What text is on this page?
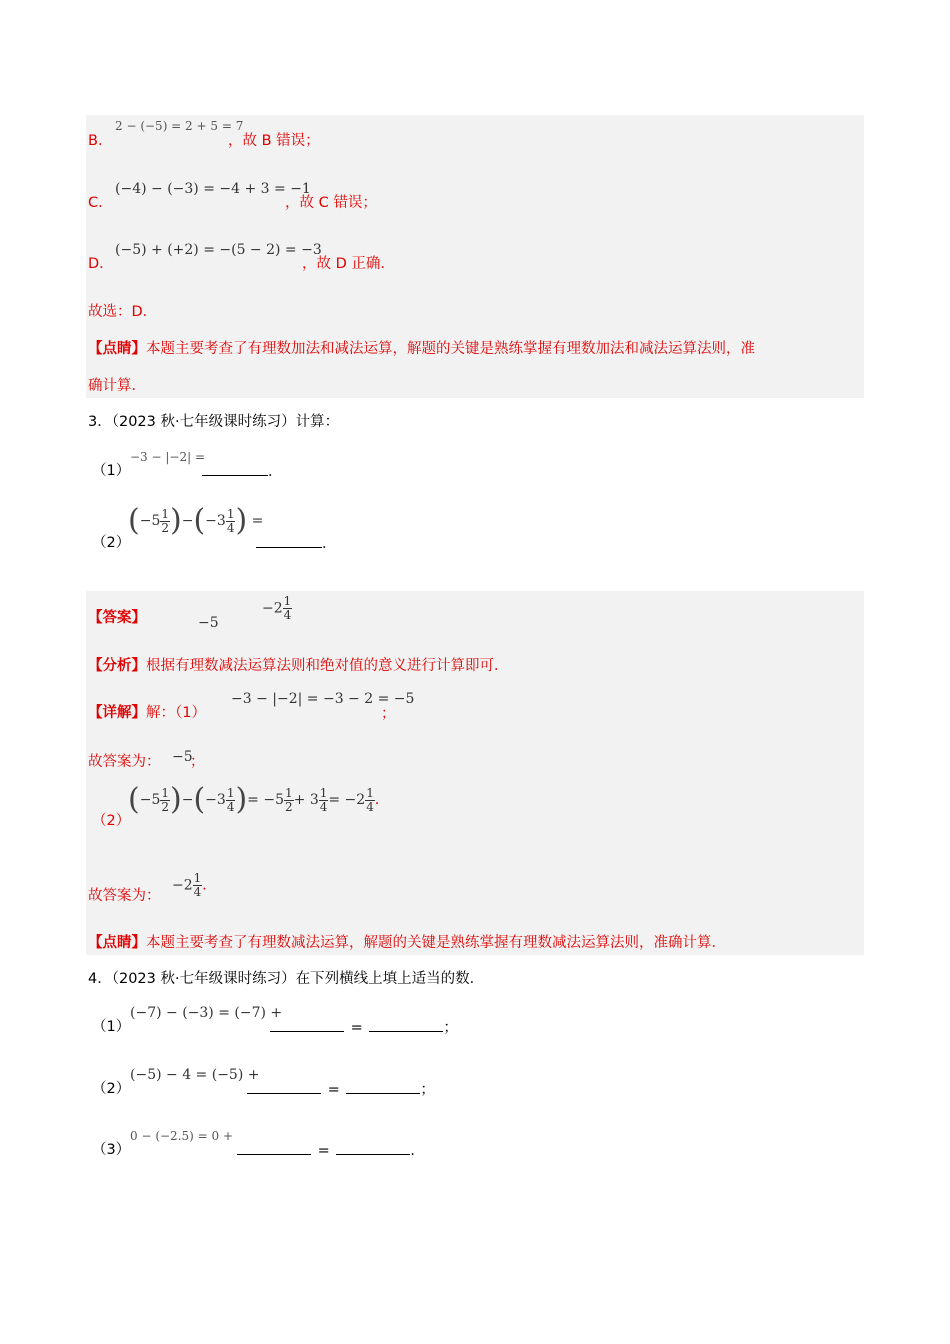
B．
2 − (−5) = 2 + 5 = 7
，故 B 错误；
C．
(−4) − (−3) = −4 + 3 = −1
，故 C 错误；
D．
(−5) + (+2) = −(5 − 2) = −3
，故 D 正确．
故选：D．
【点睛】本题主要考查了有理数加法和减法运算，解题的关键是熟练掌握有理数加法和减法运算法则，准
确计算．
3．（2023 秋·七年级课时练习）计算：
（1）
−3 − |−2| =
．
（2）
$(-5 \frac{1}{2} )-(-3 \frac{1}{4}$ ) =
．
【答案】	−5
$-2 \frac{1}{4}$
【分析】根据有理数减法运算法则和绝对值的意义进行计算即可．
【详解】解：（1）
−3 − |−2| = −3 − 2 = −5
；
故答案为： −5
；
（2）
$(-5 \frac{1}{2} )-(-3 \frac{1}{4}$ )= $-5 \frac{1}{2} + 3 \frac{1}{4} = -2 \frac{1}{4}$ ．
故答案为：
$-2 \frac{1}{4}$ ．
【点睛】本题主要考查了有理数减法运算，解题的关键是熟练掌握有理数减法运算法则，准确计算．
4．（2023 秋·七年级课时练习）在下列横线上填上适当的数．
（1）
(−7) − (−3) = (−7) +
=	；
（2）
(−5) − 4 = (−5) +
=	；
（3）
0 − (−2.5) = 0 +
=	．
